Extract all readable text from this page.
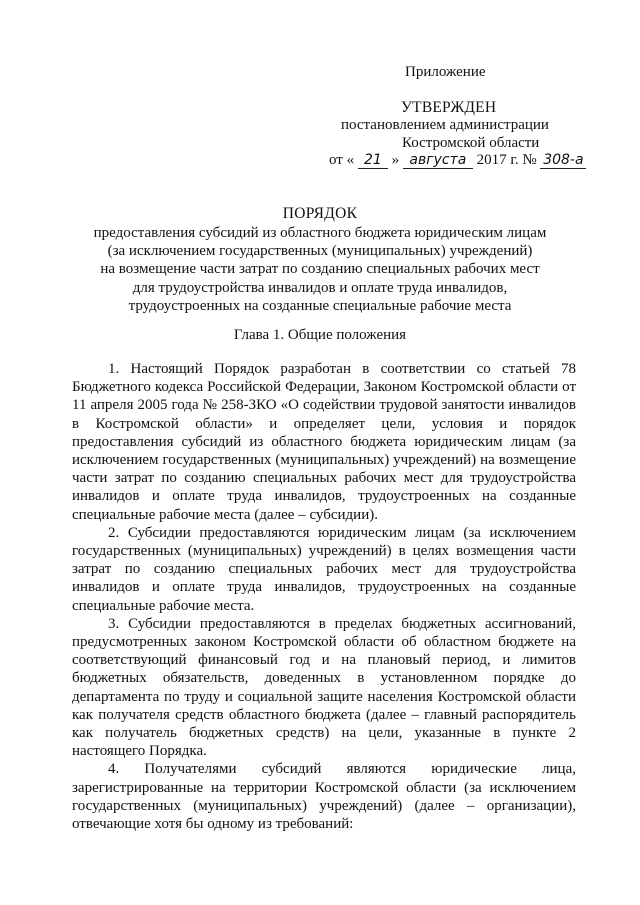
Приложение
УТВЕРЖДЕН
постановлением администрации
Костромской области
от « 21 » августа 2017 г. № 308-а
ПОРЯДОК
предоставления субсидий из областного бюджета юридическим лицам
(за исключением государственных (муниципальных) учреждений)
на возмещение части затрат по созданию специальных рабочих мест
для трудоустройства инвалидов и оплате труда инвалидов,
трудоустроенных на созданные специальные рабочие места
Глава 1. Общие положения

1. Настоящий Порядок разработан в соответствии со статьей 78 Бюджетного кодекса Российской Федерации, Законом Костромской области от 11 апреля 2005 года № 258-ЗКО «О содействии трудовой занятости инвалидов в Костромской области» и определяет цели, условия и порядок предоставления субсидий из областного бюджета юридическим лицам (за исключением государственных (муниципальных) учреждений) на возмещение части затрат по созданию специальных рабочих мест для трудоустройства инвалидов и оплате труда инвалидов, трудоустроенных на созданные специальные рабочие места (далее – субсидии).

2. Субсидии предоставляются юридическим лицам (за исключением государственных (муниципальных) учреждений) в целях возмещения части затрат по созданию специальных рабочих мест для трудоустройства инвалидов и оплате труда инвалидов, трудоустроенных на созданные специальные рабочие места.

3. Субсидии предоставляются в пределах бюджетных ассигнований, предусмотренных законом Костромской области об областном бюджете на соответствующий финансовый год и на плановый период, и лимитов бюджетных обязательств, доведенных в установленном порядке до департамента по труду и социальной защите населения Костромской области как получателя средств областного бюджета (далее – главный распорядитель как получатель бюджетных средств) на цели, указанные в пункте 2 настоящего Порядка.

4. Получателями субсидий являются юридические лица, зарегистрированные на территории Костромской области (за исключением государственных (муниципальных) учреждений) (далее – организации), отвечающие хотя бы одному из требований:
